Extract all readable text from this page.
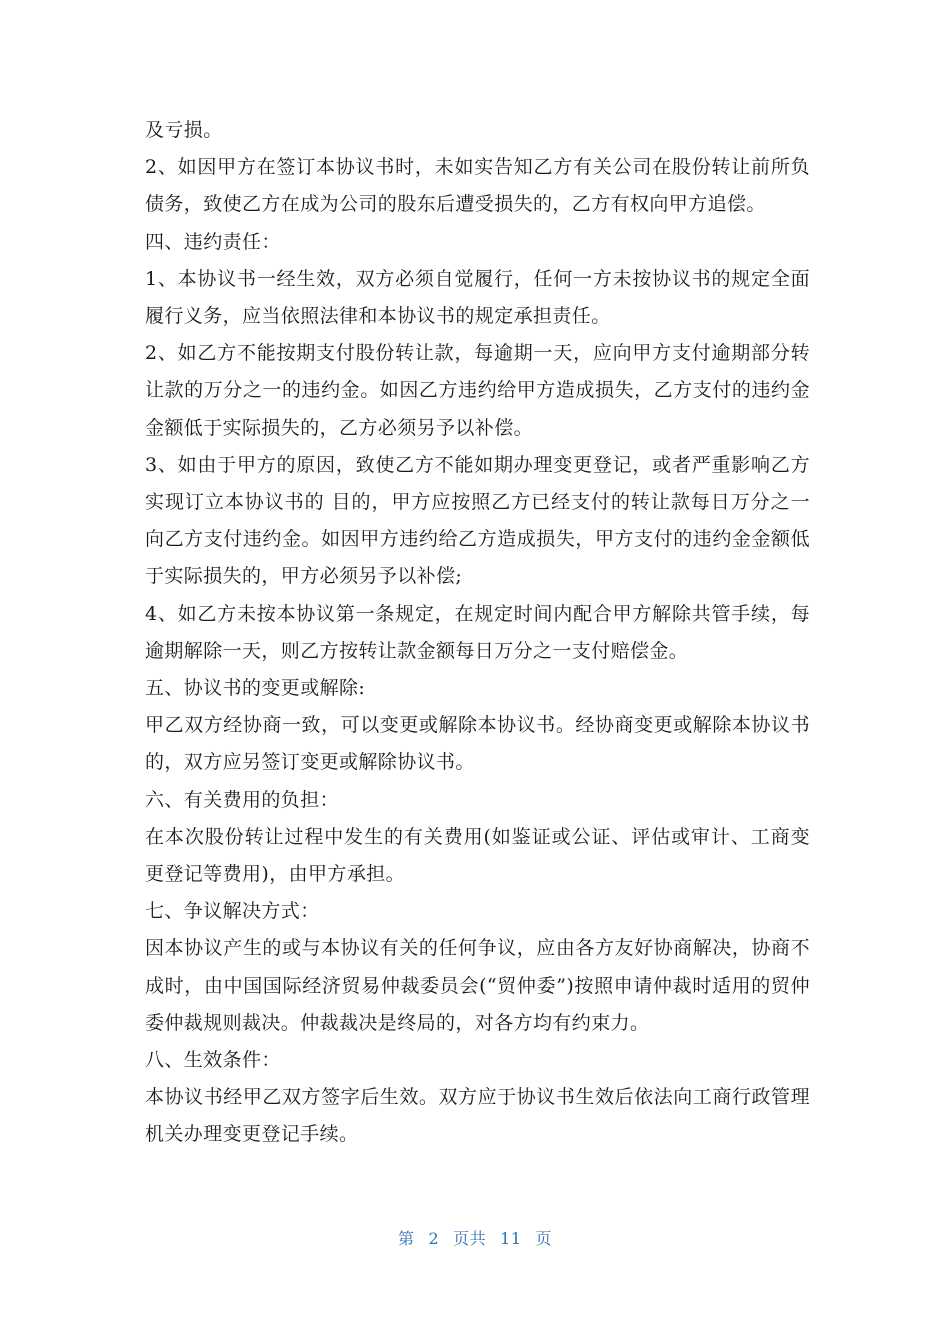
及亏损。

2、如因甲方在签订本协议书时，未如实告知乙方有关公司在股份转让前所负债务，致使乙方在成为公司的股东后遭受损失的，乙方有权向甲方追偿。

四、违约责任：

1、本协议书一经生效，双方必须自觉履行，任何一方未按协议书的规定全面履行义务，应当依照法律和本协议书的规定承担责任。

2、如乙方不能按期支付股份转让款，每逾期一天，应向甲方支付逾期部分转让款的万分之一的违约金。如因乙方违约给甲方造成损失，乙方支付的违约金金额低于实际损失的，乙方必须另予以补偿。

3、如由于甲方的原因，致使乙方不能如期办理变更登记，或者严重影响乙方实现订立本协议书的 目的，甲方应按照乙方已经支付的转让款每日万分之一向乙方支付违约金。如因甲方违约给乙方造成损失，甲方支付的违约金金额低于实际损失的，甲方必须另予以补偿;

4、如乙方未按本协议第一条规定，在规定时间内配合甲方解除共管手续，每逾期解除一天，则乙方按转让款金额每日万分之一支付赔偿金。

五、协议书的变更或解除:

甲乙双方经协商一致，可以变更或解除本协议书。经协商变更或解除本协议书的，双方应另签订变更或解除协议书。

六、有关费用的负担：

在本次股份转让过程中发生的有关费用(如鉴证或公证、评估或审计、工商变更登记等费用)，由甲方承担。

七、争议解决方式：

因本协议产生的或与本协议有关的任何争议，应由各方友好协商解决，协商不成时，由中国国际经济贸易仲裁委员会(“贸仲委”)按照申请仲裁时适用的贸仲委仲裁规则裁决。仲裁裁决是终局的，对各方均有约束力。

八、生效条件：

本协议书经甲乙双方签字后生效。双方应于协议书生效后依法向工商行政管理机关办理变更登记手续。

第 2 页共 11 页
